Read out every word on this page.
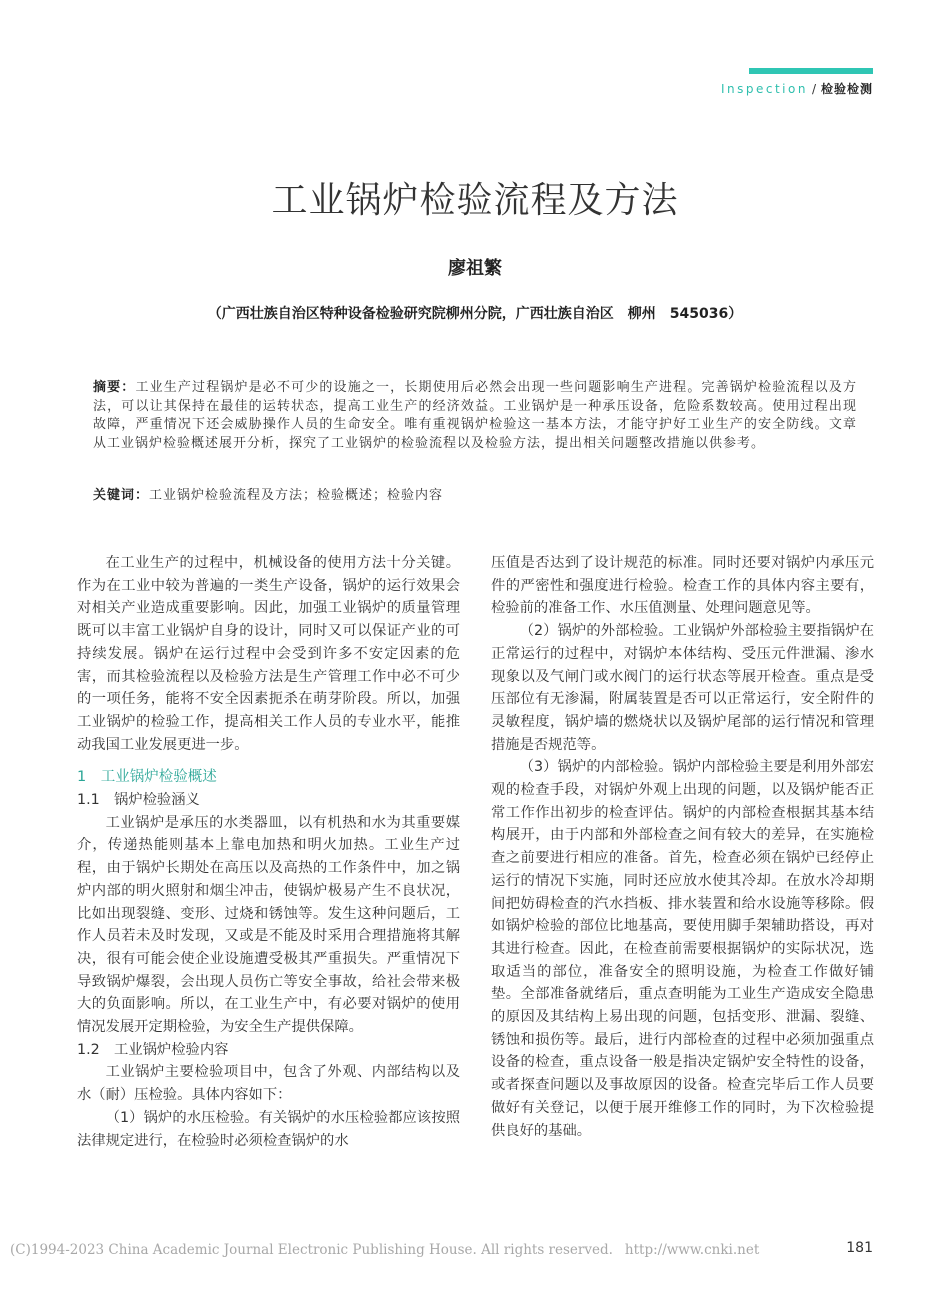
Inspection / 检验检测
工业锅炉检验流程及方法
廖祖繁
（广西壮族自治区特种设备检验研究院柳州分院，广西壮族自治区　柳州　545036）
摘要：工业生产过程锅炉是必不可少的设施之一，长期使用后必然会出现一些问题影响生产进程。完善锅炉检验流程以及方法，可以让其保持在最佳的运转状态，提高工业生产的经济效益。工业锅炉是一种承压设备，危险系数较高。使用过程出现故障，严重情况下还会威胁操作人员的生命安全。唯有重视锅炉检验这一基本方法，才能守护好工业生产的安全防线。文章从工业锅炉检验概述展开分析，探究了工业锅炉的检验流程以及检验方法，提出相关问题整改措施以供参考。
关键词：工业锅炉检验流程及方法；检验概述；检验内容

在工业生产的过程中，机械设备的使用方法十分关键。作为在工业中较为普遍的一类生产设备，锅炉的运行效果会对相关产业造成重要影响。因此，加强工业锅炉的质量管理既可以丰富工业锅炉自身的设计，同时又可以保证产业的可持续发展。锅炉在运行过程中会受到许多不安定因素的危害，而其检验流程以及检验方法是生产管理工作中必不可少的一项任务，能将不安全因素扼杀在萌芽阶段。所以，加强工业锅炉的检验工作，提高相关工作人员的专业水平，能推动我国工业发展更进一步。

1　工业锅炉检验概述

1.1　锅炉检验涵义

工业锅炉是承压的水类器皿，以有机热和水为其重要媒介，传递热能则基本上靠电加热和明火加热。工业生产过程，由于锅炉长期处在高压以及高热的工作条件中，加之锅炉内部的明火照射和烟尘冲击，使锅炉极易产生不良状况，比如出现裂缝、变形、过烧和锈蚀等。发生这种问题后，工作人员若未及时发现，又或是不能及时采用合理措施将其解决，很有可能会使企业设施遭受极其严重损失。严重情况下导致锅炉爆裂，会出现人员伤亡等安全事故，给社会带来极大的负面影响。所以，在工业生产中，有必要对锅炉的使用情况发展开定期检验，为安全生产提供保障。

1.2　工业锅炉检验内容

工业锅炉主要检验项目中，包含了外观、内部结构以及水（耐）压检验。具体内容如下：

（1）锅炉的水压检验。有关锅炉的水压检验都应该按照法律规定进行，在检验时必须检查锅炉的水

压值是否达到了设计规范的标准。同时还要对锅炉内承压元件的严密性和强度进行检验。检查工作的具体内容主要有，检验前的准备工作、水压值测量、处理问题意见等。

（2）锅炉的外部检验。工业锅炉外部检验主要指锅炉在正常运行的过程中，对锅炉本体结构、受压元件泄漏、渗水现象以及气闸门或水阀门的运行状态等展开检查。重点是受压部位有无渗漏，附属装置是否可以正常运行，安全附件的灵敏程度，锅炉墙的燃烧状以及锅炉尾部的运行情况和管理措施是否规范等。

（3）锅炉的内部检验。锅炉内部检验主要是利用外部宏观的检查手段，对锅炉外观上出现的问题，以及锅炉能否正常工作作出初步的检查评估。锅炉的内部检查根据其基本结构展开，由于内部和外部检查之间有较大的差异，在实施检查之前要进行相应的准备。首先，检查必须在锅炉已经停止运行的情况下实施，同时还应放水使其冷却。在放水冷却期间把妨碍检查的汽水挡板、排水装置和给水设施等移除。假如锅炉检验的部位比地基高，要使用脚手架辅助搭设，再对其进行检查。因此，在检查前需要根据锅炉的实际状况，选取适当的部位，准备安全的照明设施，为检查工作做好铺垫。全部准备就绪后，重点查明能为工业生产造成安全隐患的原因及其结构上易出现的问题，包括变形、泄漏、裂缝、锈蚀和损伤等。最后，进行内部检查的过程中必须加强重点设备的检查，重点设备一般是指决定锅炉安全特性的设备，或者探查问题以及事故原因的设备。检查完毕后工作人员要做好有关登记，以便于展开维修工作的同时，为下次检验提供良好的基础。

(C)1994-2023 China Academic Journal Electronic Publishing House. All rights reserved. http://www.cnki.net	181
